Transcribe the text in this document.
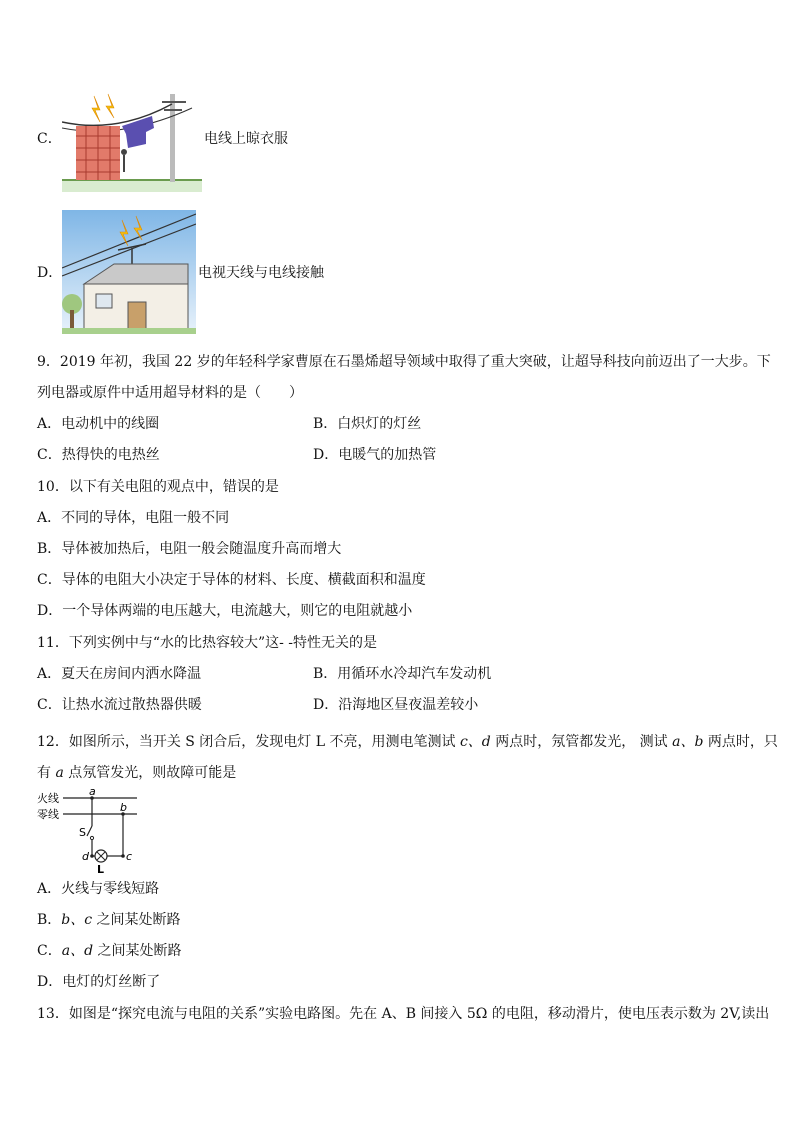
C．	电线上晾衣服
D．	电视天线与电线接触
9．2019 年初，我国 22 岁的年轻科学家曹原在石墨烯超导领域中取得了重大突破，让超导科技向前迈出了一大步。下
列电器或原件中适用超导材料的是（　　）
A．电动机中的线圈	B．白炽灯的灯丝
C．热得快的电热丝	D．电暖气的加热管
10．以下有关电阻的观点中，错误的是
A．不同的导体，电阻一般不同
B．导体被加热后，电阻一般会随温度升高而增大
C．导体的电阻大小决定于导体的材料、长度、横截面积和温度
D．一个导体两端的电压越大，电流越大，则它的电阻就越小
11．下列实例中与“水的比热容较大”这- -特性无关的是
A．夏天在房间内洒水降温	B．用循环水冷却汽车发动机
C．让热水流过散热器供暖	D．沿海地区昼夜温差较小
12．如图所示，当开关 S 闭合后，发现电灯 L 不亮，用测电笔测试 c、d 两点时，氖管都发光， 测试 a、b 两点时，只
有 a 点氖管发光，则故障可能是
火线
零线
a
b
c
d
S
L
A．火线与零线短路
B．b、c 之间某处断路
C．a、d 之间某处断路
D．电灯的灯丝断了
13．如图是“探究电流与电阻的关系”实验电路图。先在 A、B 间接入 5Ω 的电阻，移动滑片，使电压表示数为 2V,读出
